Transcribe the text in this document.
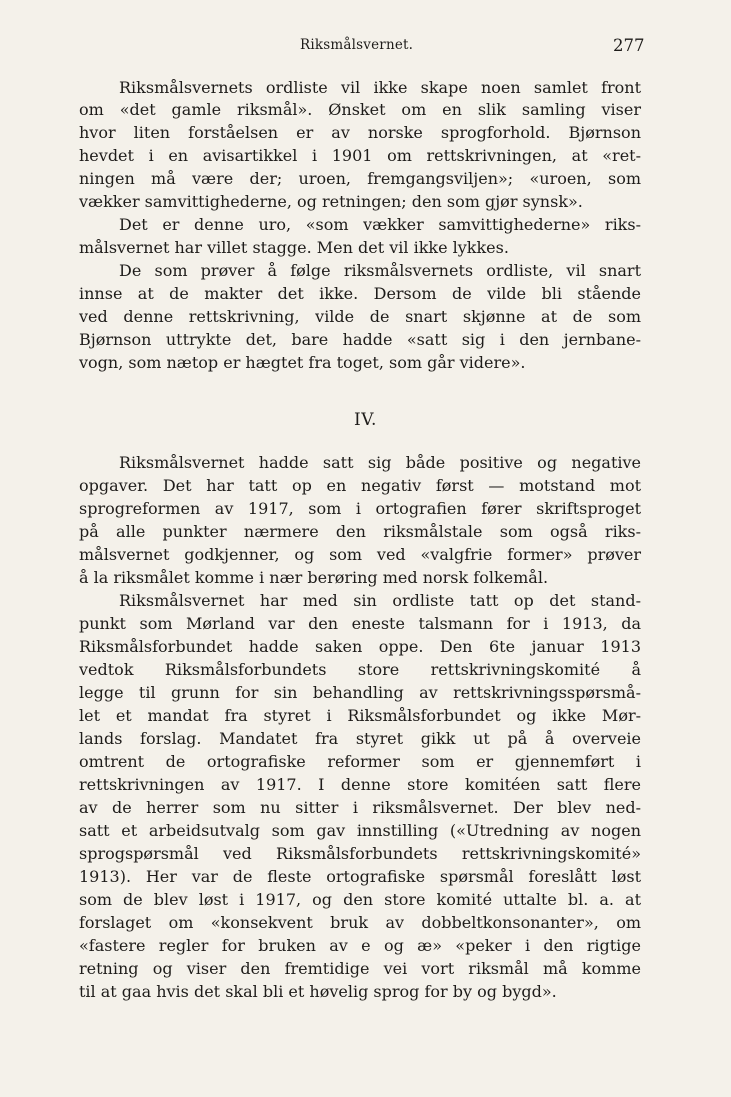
Riksmålsvernet.	277
Riksmålsvernets ordliste vil ikke skape noen samlet front
om «det gamle riksmål». Ønsket om en slik samling viser
hvor liten forståelsen er av norske sprogforhold. Bjørnson
hevdet i en avisartikkel i 1901 om rettskrivningen, at «ret-
ningen må være der; uroen, fremgangsviljen»; «uroen, som
vækker samvittighederne, og retningen; den som gjør synsk».
Det er denne uro, «som vækker samvittighederne» riks-
målsvernet har villet stagge. Men det vil ikke lykkes.
De som prøver å følge riksmålsvernets ordliste, vil snart
innse at de makter det ikke. Dersom de vilde bli stående
ved denne rettskrivning, vilde de snart skjønne at de som
Bjørnson uttrykte det, bare hadde «satt sig i den jernbane-
vogn, som nætop er hægtet fra toget, som går videre».
IV.
Riksmålsvernet hadde satt sig både positive og negative
opgaver. Det har tatt op en negativ først — motstand mot
sprogreformen av 1917, som i ortografien fører skriftsproget
på alle punkter nærmere den riksmålstale som også riks-
målsvernet godkjenner, og som ved «valgfrie former» prøver
å la riksmålet komme i nær berøring med norsk folkemål.
Riksmålsvernet har med sin ordliste tatt op det stand-
punkt som Mørland var den eneste talsmann for i 1913, da
Riksmålsforbundet hadde saken oppe. Den 6te januar 1913
vedtok Riksmålsforbundets store rettskrivningskomité å
legge til grunn for sin behandling av rettskrivningsspørsmå-
let et mandat fra styret i Riksmålsforbundet og ikke Mør-
lands forslag. Mandatet fra styret gikk ut på å overveie
omtrent de ortografiske reformer som er gjennemført i
rettskrivningen av 1917. I denne store komitéen satt flere
av de herrer som nu sitter i riksmålsvernet. Der blev ned-
satt et arbeidsutvalg som gav innstilling («Utredning av nogen
sprogspørsmål ved Riksmålsforbundets rettskrivningskomité»
1913). Her var de fleste ortografiske spørsmål foreslått løst
som de blev løst i 1917, og den store komité uttalte bl. a. at
forslaget om «konsekvent bruk av dobbeltkonsonanter», om
«fastere regler for bruken av e og æ» «peker i den rigtige
retning og viser den fremtidige vei vort riksmål må komme
til at gaa hvis det skal bli et høvelig sprog for by og bygd».
